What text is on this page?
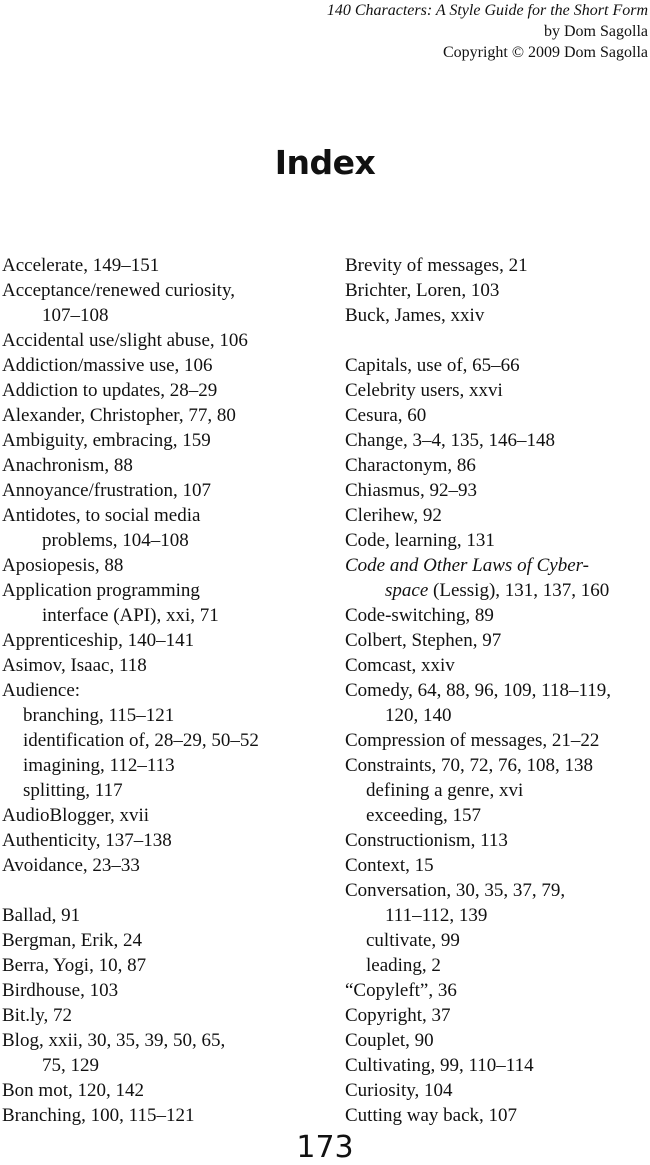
140 Characters: A Style Guide for the Short Form
by Dom Sagolla
Copyright © 2009 Dom Sagolla
Index
Accelerate, 149–151
Acceptance/renewed curiosity,
107–108
Accidental use/slight abuse, 106
Addiction/massive use, 106
Addiction to updates, 28–29
Alexander, Christopher, 77, 80
Ambiguity, embracing, 159
Anachronism, 88
Annoyance/frustration, 107
Antidotes, to social media
problems, 104–108
Aposiopesis, 88
Application programming
interface (API), xxi, 71
Apprenticeship, 140–141
Asimov, Isaac, 118
Audience:
branching, 115–121
identification of, 28–29, 50–52
imagining, 112–113
splitting, 117
AudioBlogger, xvii
Authenticity, 137–138
Avoidance, 23–33
Ballad, 91
Bergman, Erik, 24
Berra, Yogi, 10, 87
Birdhouse, 103
Bit.ly, 72
Blog, xxii, 30, 35, 39, 50, 65,
75, 129
Bon mot, 120, 142
Branching, 100, 115–121
Brevity of messages, 21
Brichter, Loren, 103
Buck, James, xxiv
Capitals, use of, 65–66
Celebrity users, xxvi
Cesura, 60
Change, 3–4, 135, 146–148
Charactonym, 86
Chiasmus, 92–93
Clerihew, 92
Code, learning, 131
Code and Other Laws of Cyber-
space (Lessig), 131, 137, 160
Code-switching, 89
Colbert, Stephen, 97
Comcast, xxiv
Comedy, 64, 88, 96, 109, 118–119,
120, 140
Compression of messages, 21–22
Constraints, 70, 72, 76, 108, 138
defining a genre, xvi
exceeding, 157
Constructionism, 113
Context, 15
Conversation, 30, 35, 37, 79,
111–112, 139
cultivate, 99
leading, 2
“Copyleft”, 36
Copyright, 37
Couplet, 90
Cultivating, 99, 110–114
Curiosity, 104
Cutting way back, 107
173
